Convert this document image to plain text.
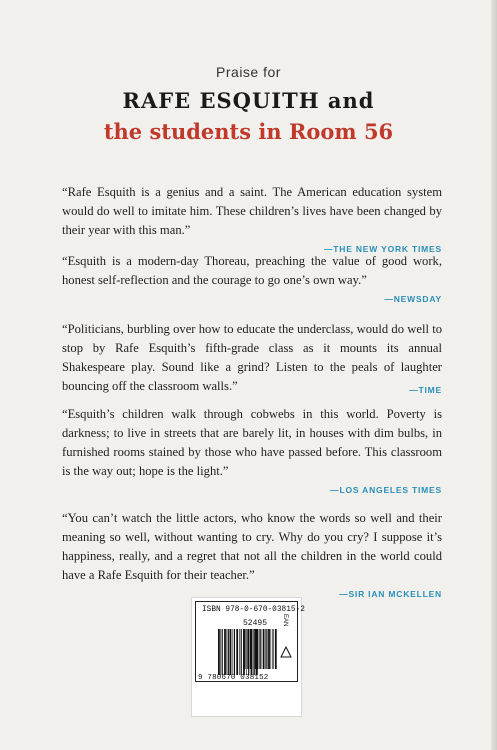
Praise for
RAFE ESQUITH and
the students in Room 56

“Rafe Esquith is a genius and a saint. The American education system would do well to imitate him. These children’s lives have been changed by their year with this man.”

—THE NEW YORK TIMES

“Esquith is a modern-day Thoreau, preaching the value of good work, honest self-reflection and the courage to go one’s own way.”

—NEWSDAY

“Politicians, burbling over how to educate the underclass, would do well to stop by Rafe Esquith’s fifth-grade class as it mounts its annual Shakespeare play. Sound like a grind? Listen to the peals of laughter bouncing off the classroom walls.”	—TIME

“Esquith’s children walk through cobwebs in this world. Poverty is darkness; to live in streets that are barely lit, in houses with dim bulbs, in furnished rooms stained by those who have passed before. This classroom is the way out; hope is the light.”

—LOS ANGELES TIMES

“You can’t watch the little actors, who know the words so well and their meaning so well, without wanting to cry. Why do you cry? I suppose it’s happiness, really, and a regret that not all the children in the world could have a Rafe Esquith for their teacher.”

—SIR IAN MCKELLEN
ISBN 978-0-670-03815-2
52495 EAN
9 780670 038152
